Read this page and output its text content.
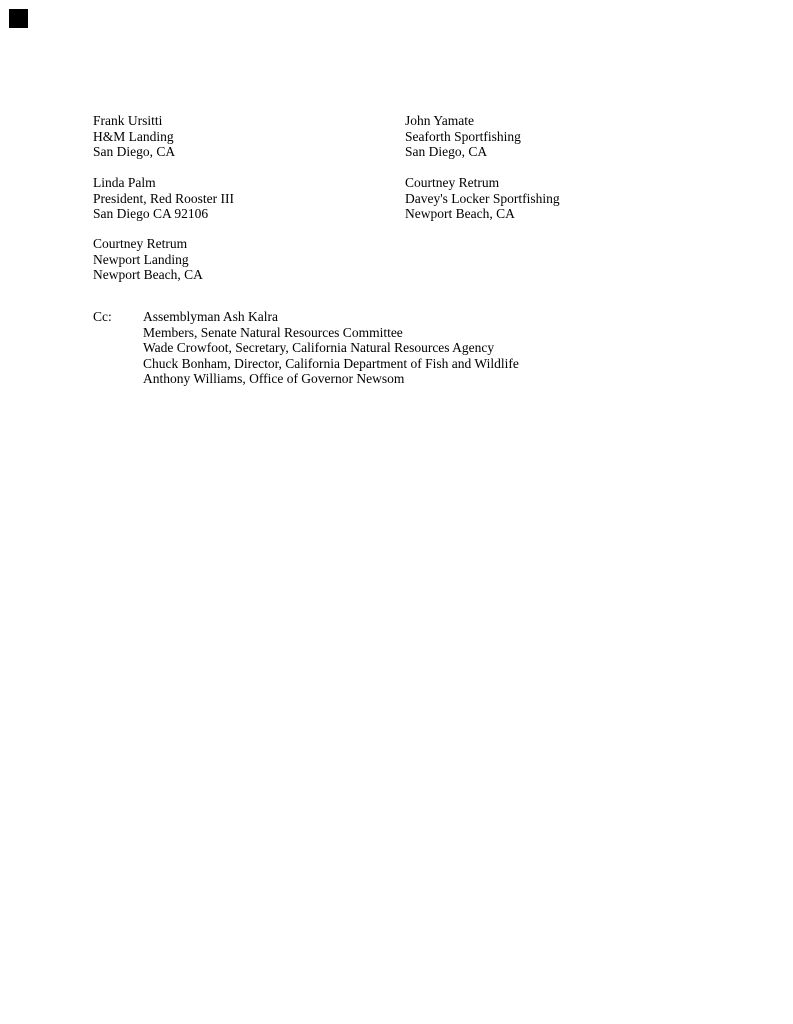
Frank Ursitti
H&M Landing
San Diego, CA
John Yamate
Seaforth Sportfishing
San Diego, CA
Linda Palm
President, Red Rooster III
San Diego CA 92106
Courtney Retrum
Davey's Locker Sportfishing
Newport Beach, CA
Courtney Retrum
Newport Landing
Newport Beach, CA
Cc:	Assemblyman Ash Kalra
Members, Senate Natural Resources Committee
Wade Crowfoot, Secretary, California Natural Resources Agency
Chuck Bonham, Director, California Department of Fish and Wildlife
Anthony Williams, Office of Governor Newsom
